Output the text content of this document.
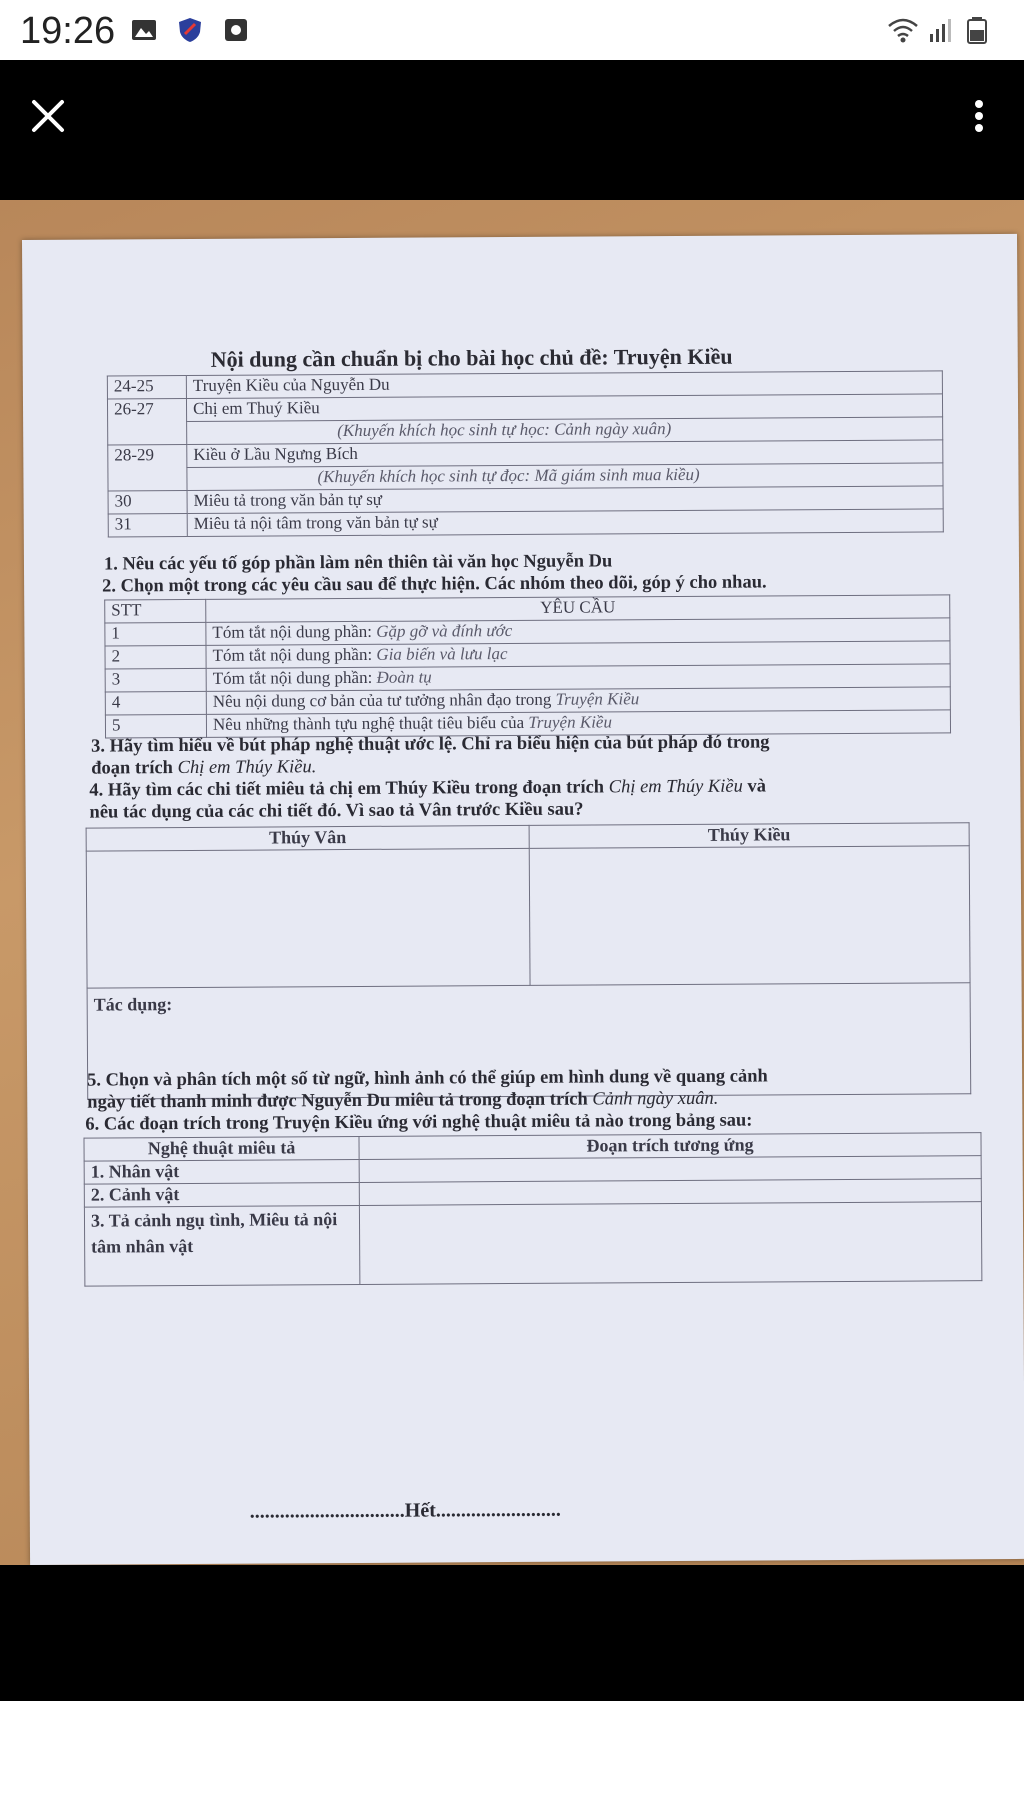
19:26
Nội dung cần chuẩn bị cho bài học chủ đề: Truyện Kiều
24-25	Truyện Kiều của Nguyễn Du
26-27	Chị em Thuý Kiều
	(Khuyến khích học sinh tự học: Cảnh ngày xuân)
28-29	Kiều ở Lầu Ngưng Bích
	(Khuyến khích học sinh tự đọc: Mã giám sinh mua kiều)
30	Miêu tả trong văn bản tự sự
31	Miêu tả nội tâm trong văn bản tự sự
1. Nêu các yếu tố góp phần làm nên thiên tài văn học Nguyễn Du
2. Chọn một trong các yêu cầu sau để thực hiện. Các nhóm theo dõi, góp ý cho nhau.
STT	YÊU CẦU
1	Tóm tắt nội dung phần: Gặp gỡ và đính ước
2	Tóm tắt nội dung phần: Gia biến và lưu lạc
3	Tóm tắt nội dung phần: Đoàn tụ
4	Nêu nội dung cơ bản của tư tưởng nhân đạo trong Truyện Kiều
5	Nêu những thành tựu nghệ thuật tiêu biểu của Truyện Kiều
3. Hãy tìm hiểu về bút pháp nghệ thuật ước lệ. Chỉ ra biểu hiện của bút pháp đó trong
đoạn trích Chị em Thúy Kiều.
4. Hãy tìm các chi tiết miêu tả chị em Thúy Kiều trong đoạn trích Chị em Thúy Kiều và
nêu tác dụng của các chi tiết đó. Vì sao tả Vân trước Kiều sau?
Thúy Vân	Thúy Kiều

Tác dụng:	
5. Chọn và phân tích một số từ ngữ, hình ảnh có thể giúp em hình dung về quang cảnh
ngày tiết thanh minh được Nguyễn Du miêu tả trong đoạn trích Cảnh ngày xuân.
6. Các đoạn trích trong Truyện Kiều ứng với nghệ thuật miêu tả nào trong bảng sau:
Nghệ thuật miêu tả	Đoạn trích tương ứng
1. Nhân vật	
2. Cảnh vật	
3. Tả cảnh ngụ tình, Miêu tả nội tâm nhân vật	
...............................Hết.........................
